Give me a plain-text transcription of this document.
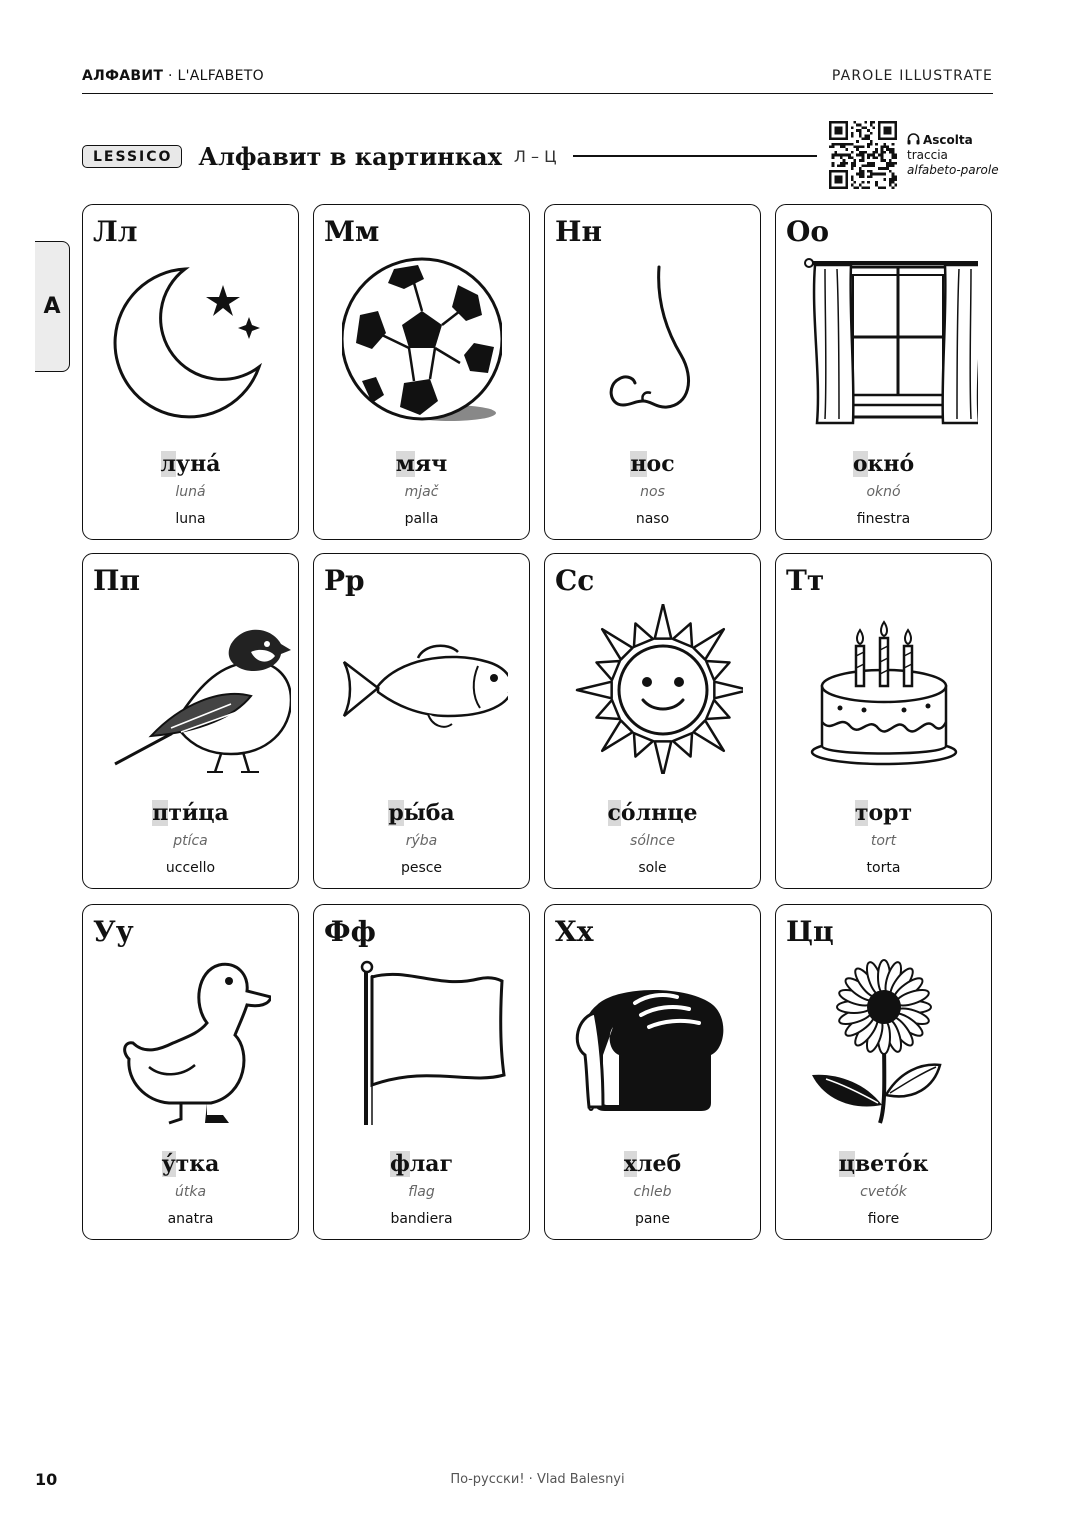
АЛФАВИТ · L'ALFABETO	PAROLE ILLUSTRATE
А
LESSICO	Алфавит в картинках Л – Ц
Ascolta
traccia
alfabeto-parole
Лл
луна́
luná
luna
Мм
мяч
mjač
palla
Нн
нос
nos
naso
Оо
окно́
oknó
finestra
Пп
пти́ца
ptíca
uccello
Рр
ры́ба
rýba
pesce
Сс
со́лнце
sólnce
sole
Тт
торт
tort
torta
Уу
у́тка
útka
anatra
Фф
флаг
flag
bandiera
Хх
хлеб
chleb
pane
Цц
цвето́к
cvetók
fiore
10	По-русски! · Vlad Balesnyi
